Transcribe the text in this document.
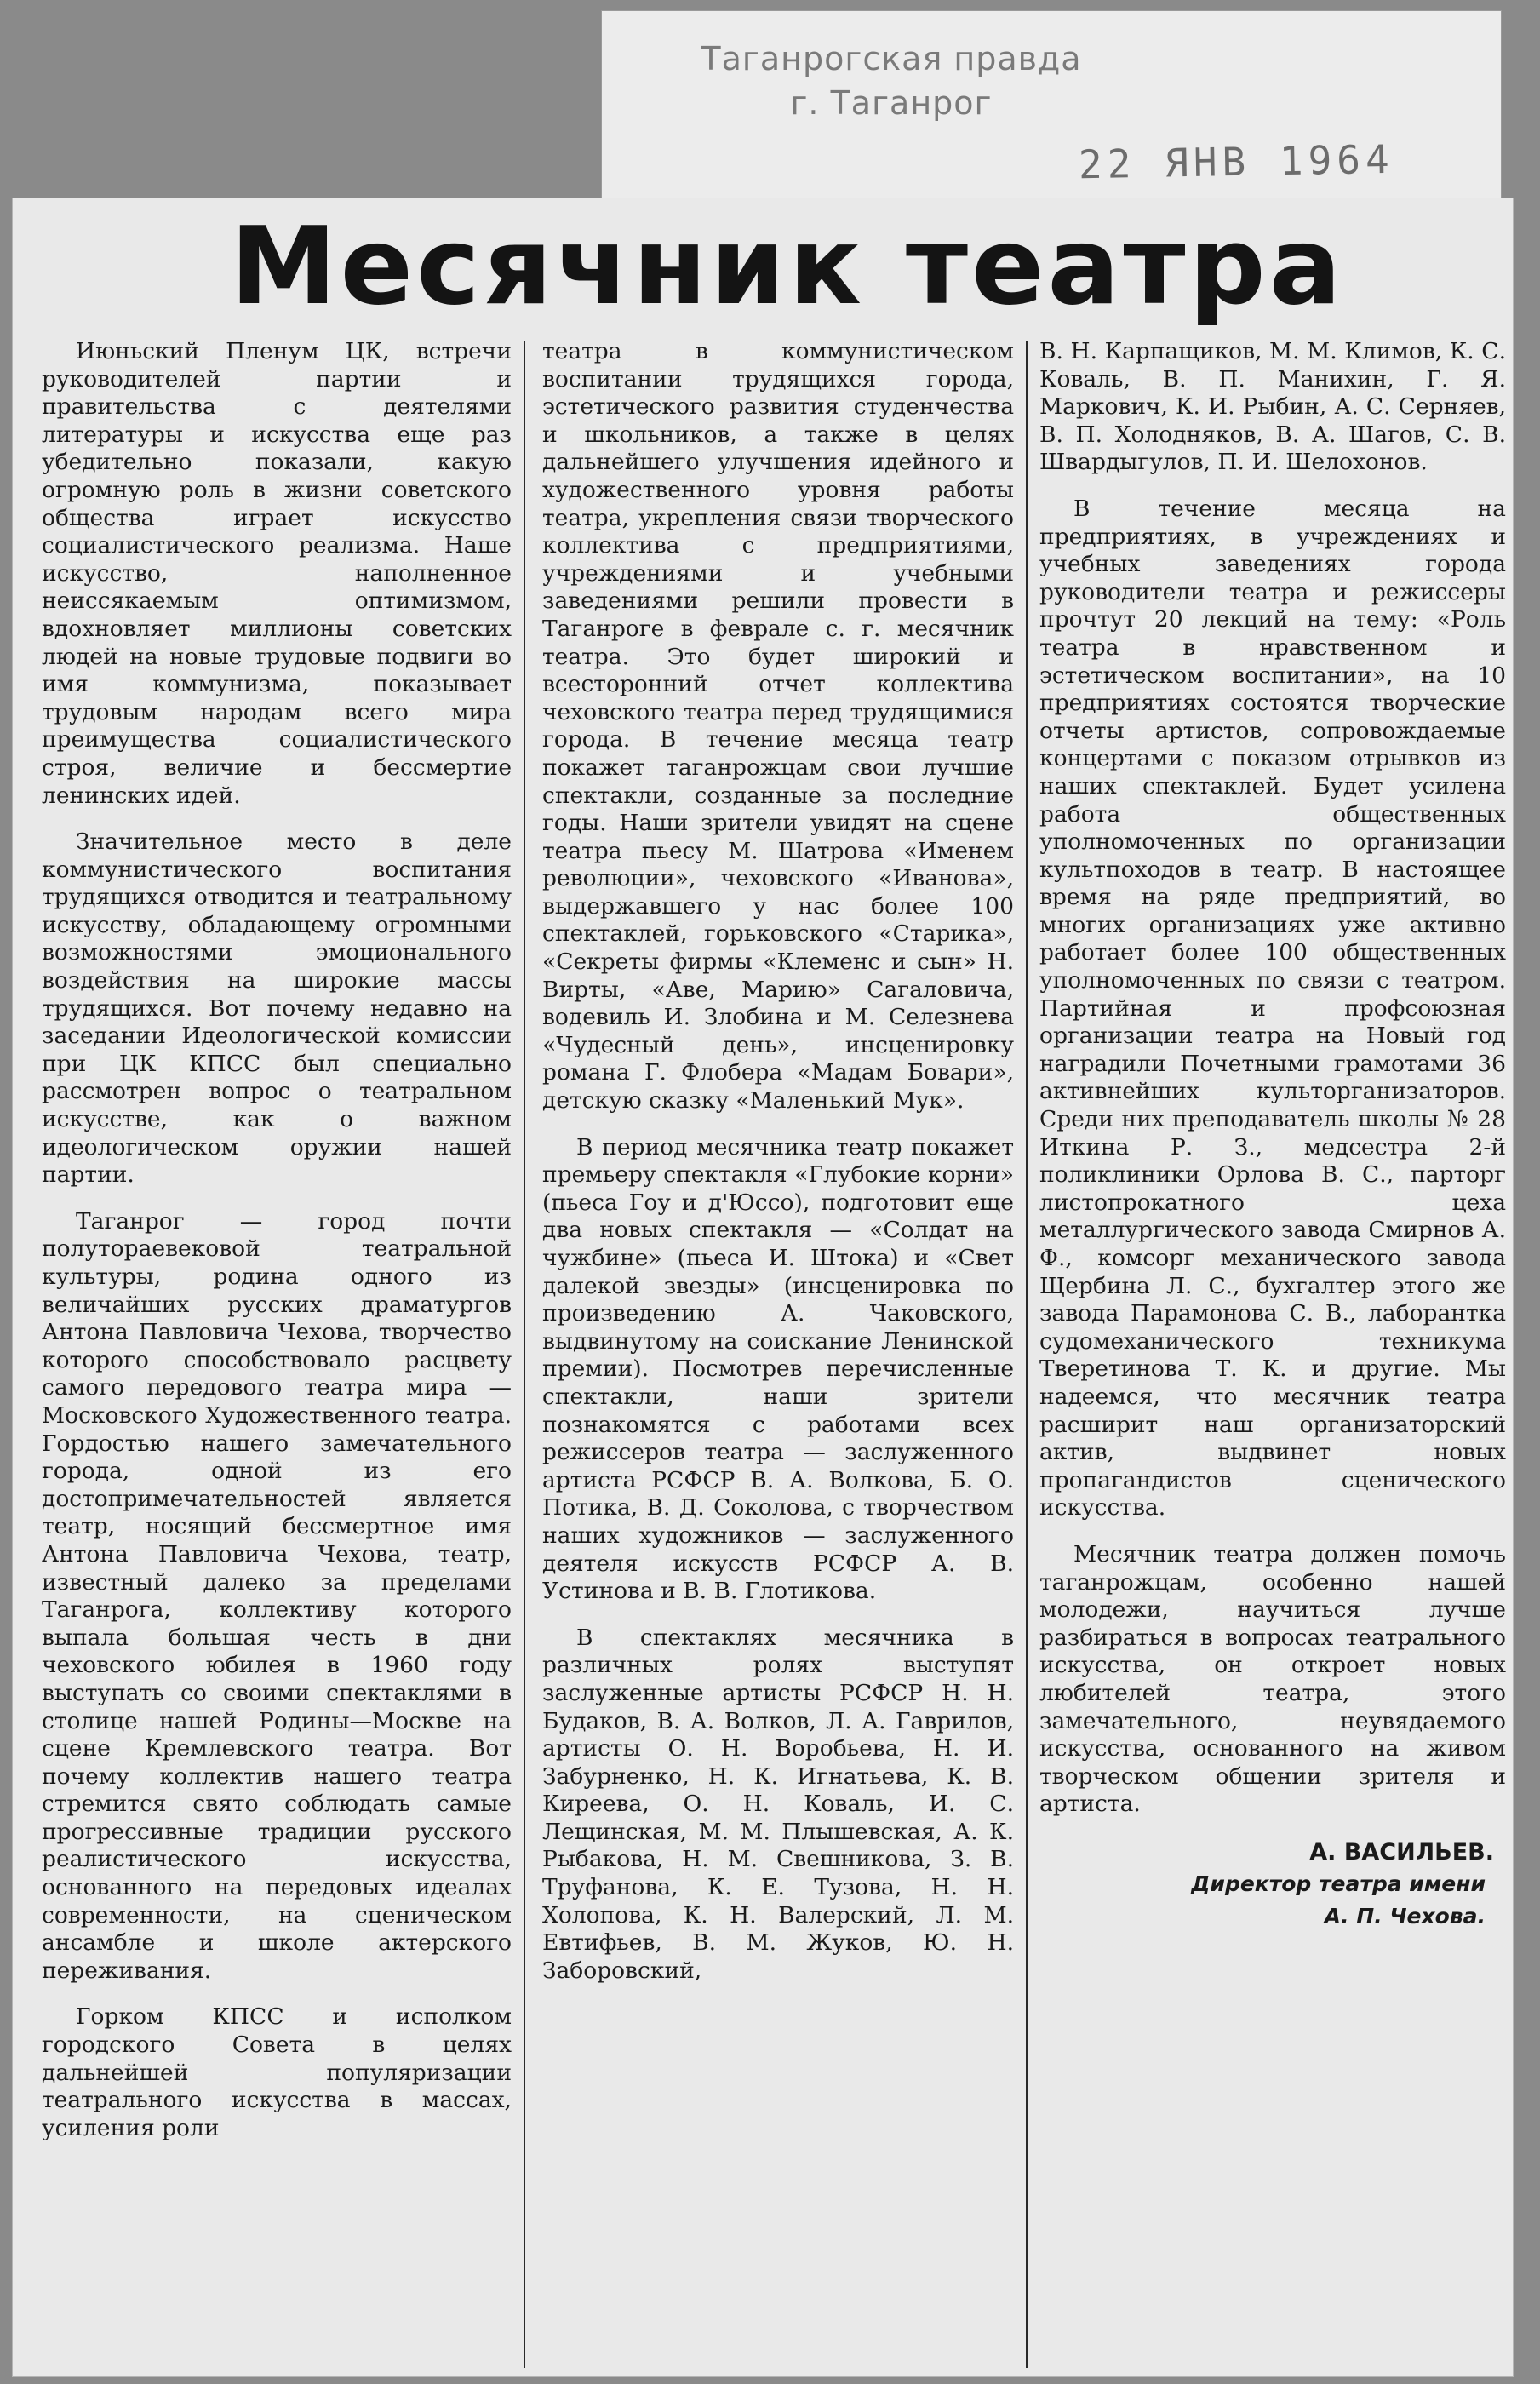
Таганрогская правда
г. Таганрог
22 ЯНВ 1964
Месячник театра

Июньский Пленум ЦК, встречи руководителей партии и правительства с деятелями литературы и искусства еще раз убедительно показали, какую огромную роль в жизни советского общества играет искусство социалистического реализма. Наше искусство, наполненное неиссякаемым оптимизмом, вдохновляет миллионы советских людей на новые трудовые подвиги во имя коммунизма, показывает трудовым народам всего мира преимущества социалистического строя, величие и бессмертие ленинских идей.

Значительное место в деле коммунистического воспитания трудящихся отводится и театральному искусству, обладающему огромными возможностями эмоционального воздействия на широкие массы трудящихся. Вот почему недавно на заседании Идеологической комиссии при ЦК КПСС был специально рассмотрен вопрос о театральном искусстве, как о важном идеологическом оружии нашей партии.

Таганрог — город почти полутораевековой театральной культуры, родина одного из величайших русских драматургов Антона Павловича Чехова, творчество которого способствовало расцвету самого передового театра мира — Московского Художественного театра. Гордостью нашего замечательного города, одной из его достопримечательностей является театр, носящий бессмертное имя Антона Павловича Чехова, театр, известный далеко за пределами Таганрога, коллективу которого выпала большая честь в дни чеховского юбилея в 1960 году выступать со своими спектаклями в столице нашей Родины—Москве на сцене Кремлевского театра. Вот почему коллектив нашего театра стремится свято соблюдать самые прогрессивные традиции русского реалистического искусства, основанного на передовых идеалах современности, на сценическом ансамбле и школе актерского переживания.

Горком КПСС и исполком городского Совета в целях дальнейшей популяризации театрального искусства в массах, усиления роли

театра в коммунистическом воспитании трудящихся города, эстетического развития студенчества и школьников, а также в целях дальнейшего улучшения идейного и художественного уровня работы театра, укрепления связи творческого коллектива с предприятиями, учреждениями и учебными заведениями решили провести в Таганроге в феврале с. г. месячник театра. Это будет широкий и всесторонний отчет коллектива чеховского театра перед трудящимися города. В течение месяца театр покажет таганрожцам свои лучшие спектакли, созданные за последние годы. Наши зрители увидят на сцене театра пьесу М. Шатрова «Именем революции», чеховского «Иванова», выдержавшего у нас более 100 спектаклей, горьковского «Старика», «Секреты фирмы «Клеменс и сын» Н. Вирты, «Аве, Марию» Сагаловича, водевиль И. Злобина и М. Селезнева «Чудесный день», инсценировку романа Г. Флобера «Мадам Бовари», детскую сказку «Маленький Мук».

В период месячника театр покажет премьеру спектакля «Глубокие корни» (пьеса Гоу и д'Юссо), подготовит еще два новых спектакля — «Солдат на чужбине» (пьеса И. Штока) и «Свет далекой звезды» (инсценировка по произведению А. Чаковского, выдвинутому на соискание Ленинской премии). Посмотрев перечисленные спектакли, наши зрители познакомятся с работами всех режиссеров театра — заслуженного артиста РСФСР В. А. Волкова, Б. О. Потика, В. Д. Соколова, с творчеством наших художников — заслуженного деятеля искусств РСФСР А. В. Устинова и В. В. Глотикова.

В спектаклях месячника в различных ролях выступят заслуженные артисты РСФСР Н. Н. Будаков, В. А. Волков, Л. А. Гаврилов, артисты О. Н. Воробьева, Н. И. Забурненко, Н. К. Игнатьева, К. В. Киреева, О. Н. Коваль, И. С. Лещинская, М. М. Плышевская, А. К. Рыбакова, Н. М. Свешникова, З. В. Труфанова, К. Е. Тузова, Н. Н. Холопова, К. Н. Валерский, Л. М. Евтифьев, В. М. Жуков, Ю. Н. Заборовский,

В. Н. Карпащиков, М. М. Климов, К. С. Коваль, В. П. Манихин, Г. Я. Маркович, К. И. Рыбин, А. С. Серняев, В. П. Холодняков, В. А. Шагов, С. В. Швардыгулов, П. И. Шелохонов.

В течение месяца на предприятиях, в учреждениях и учебных заведениях города руководители театра и режиссеры прочтут 20 лекций на тему: «Роль театра в нравственном и эстетическом воспитании», на 10 предприятиях состоятся творческие отчеты артистов, сопровождаемые концертами с показом отрывков из наших спектаклей. Будет усилена работа общественных уполномоченных по организации культпоходов в театр. В настоящее время на ряде предприятий, во многих организациях уже активно работает более 100 общественных уполномоченных по связи с театром. Партийная и профсоюзная организации театра на Новый год наградили Почетными грамотами 36 активнейших культорганизаторов. Среди них преподаватель школы № 28 Иткина Р. З., медсестра 2-й поликлиники Орлова В. С., парторг листопрокатного цеха металлургического завода Смирнов А. Ф., комсорг механического завода Щербина Л. С., бухгалтер этого же завода Парамонова С. В., лаборантка судомеханического техникума Тверетинова Т. К. и другие. Мы надеемся, что месячник театра расширит наш организаторский актив, выдвинет новых пропагандистов сценического искусства.

Месячник театра должен помочь таганрожцам, особенно нашей молодежи, научиться лучше разбираться в вопросах театрального искусства, он откроет новых любителей театра, этого замечательного, неувядаемого искусства, основанного на живом творческом общении зрителя и артиста.

А. ВАСИЛЬЕВ.
Директор театра имени
А. П. Чехова.
